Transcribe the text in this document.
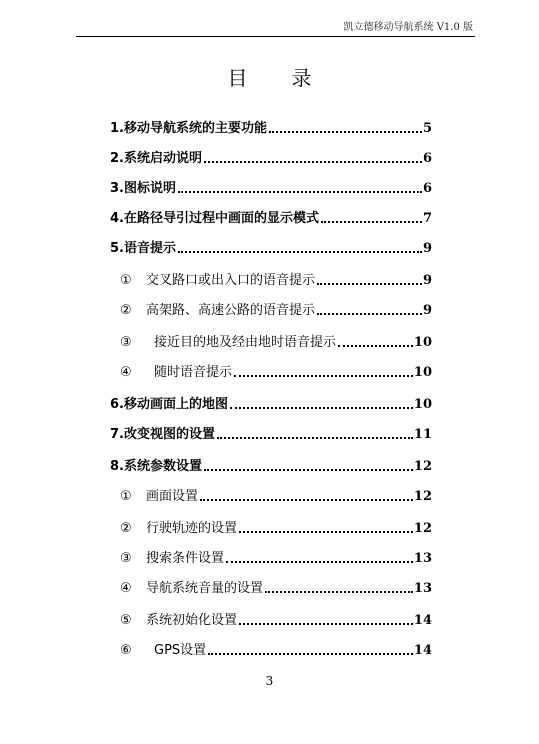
凯立德移动导航系统 V1.0 版
目 录
1.移动导航系统的主要功能	5
2.系统启动说明	6
3.图标说明	6
4.在路径导引过程中画面的显示模式	7
5.语音提示	9
①	交叉路口或出入口的语音提示	9
②	高架路、高速公路的语音提示	9
③	接近目的地及经由地时语音提示	10
④	随时语音提示	10
6.移动画面上的地图	10
7.改变视图的设置	11
8.系统参数设置	12
①	画面设置	12
②	行驶轨迹的设置	12
③	搜索条件设置	13
④	导航系统音量的设置	13
⑤	系统初始化设置	14
⑥	GPS设置	14
3
